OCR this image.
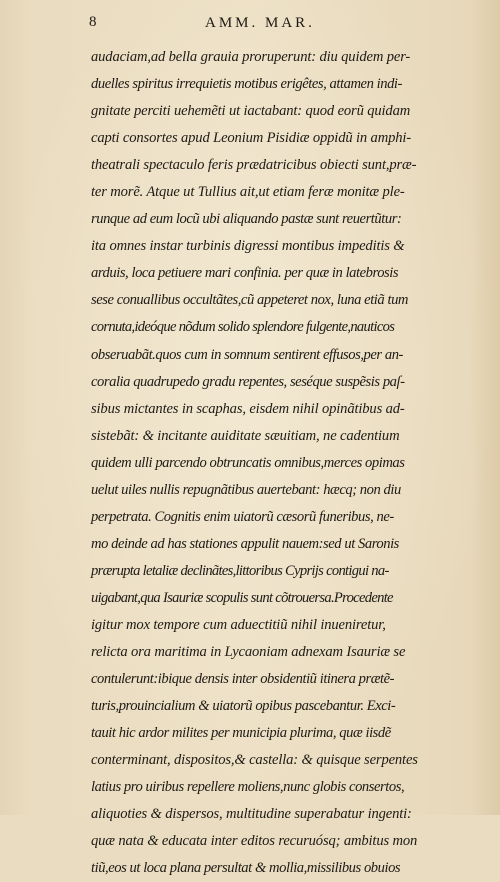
8	AMM. MAR.
audaciam,ad bella grauia proruperunt: diu quidem per-
duelles spiritus irrequietis motibus erigêtes, attamen indi-
gnitate perciti uehemẽti ut iactabant: quod eorũ quidam
capti consortes apud Leonium Pisidiæ oppidũ in amphi-
theatrali spectaculo feris prædatricibus obiecti sunt,præ-
ter morẽ. Atque ut Tullius ait,ut etiam feræ monitæ ple-
runque ad eum locũ ubi aliquando pastæ sunt reuertũtur:
ita omnes instar turbinis digressi montibus impeditis &
arduis, loca petiuere mari confinia. per quæ in latebrosis
sese conuallibus occultãtes,cũ appeteret nox, luna etiã tum
cornuta,ideóque nõdum solido splendore fulgente,nauticos
obseruabãt.quos cum in somnum sentirent effusos,per an-
coralia quadrupedo gradu repentes, seséque suspẽsis paſ-
sibus mictantes in scaphas, eisdem nihil opinãtibus ad-
sistebãt: & incitante auiditate sæuitiam, ne cadentium
quidem ulli parcendo obtruncatis omnibus,merces opimas
uelut uiles nullis repugnãtibus auertebant: hæcq; non diu
perpetrata. Cognitis enim uiatorũ cæsorũ funeribus, ne-
mo deinde ad has stationes appulit nauem:sed ut Saronis
prærupta letaliæ declinãtes,littoribus Cyprijs contigui na-
uigabant,qua Isauriæ scopulis sunt cõtrouersa.Procedente
igitur mox tempore cum aduectitiũ nihil inueniretur,
relicta ora maritima in Lycaoniam adnexam Isauriæ se
contulerunt:ibique densis inter obsidentiũ itinera prætẽ-
turis,prouincialium & uiatorũ opibus pascebantur. Exci-
tauit hic ardor milites per municipia plurima, quæ iisdẽ
conterminant, dispositos,& castella: & quisque serpentes
latius pro uiribus repellere moliens,nunc globis consertos,
aliquoties & dispersos, multitudine superabatur ingenti:
quæ nata & educata inter editos recuruósq; ambitus mon
tiũ,eos ut loca plana persultat & mollia,missilibus obuios
